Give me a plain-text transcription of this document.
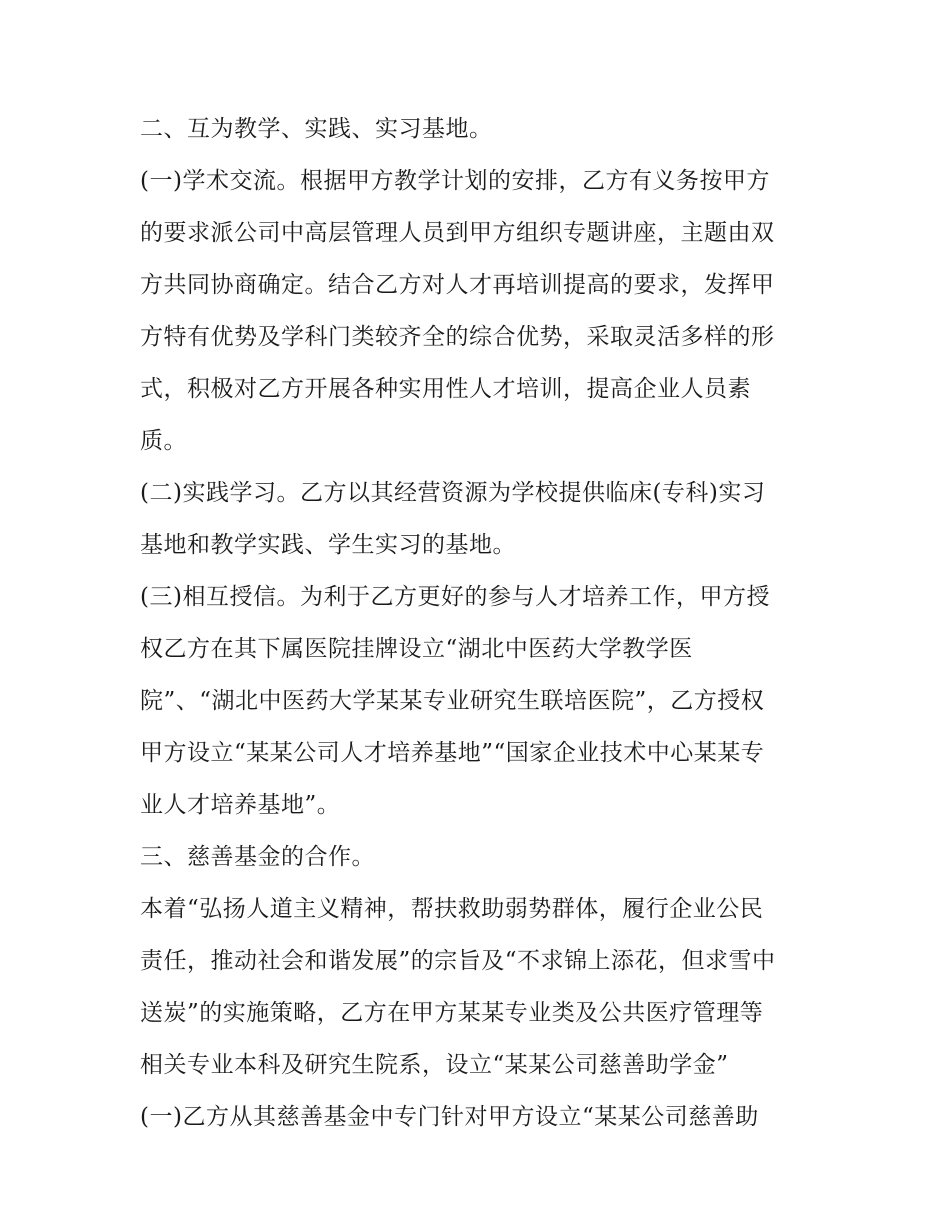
二、互为教学、实践、实习基地。
(一)学术交流。根据甲方教学计划的安排，乙方有义务按甲方
的要求派公司中高层管理人员到甲方组织专题讲座，主题由双
方共同协商确定。结合乙方对人才再培训提高的要求，发挥甲
方特有优势及学科门类较齐全的综合优势，采取灵活多样的形
式，积极对乙方开展各种实用性人才培训，提高企业人员素
质。
(二)实践学习。乙方以其经营资源为学校提供临床(专科)实习
基地和教学实践、学生实习的基地。
(三)相互授信。为利于乙方更好的参与人才培养工作，甲方授
权乙方在其下属医院挂牌设立“湖北中医药大学教学医
院”、“湖北中医药大学某某专业研究生联培医院”，乙方授权
甲方设立“某某公司人才培养基地”“国家企业技术中心某某专
业人才培养基地”。
三、慈善基金的合作。
本着“弘扬人道主义精神，帮扶救助弱势群体，履行企业公民
责任，推动社会和谐发展”的宗旨及“不求锦上添花，但求雪中
送炭”的实施策略，乙方在甲方某某专业类及公共医疗管理等
相关专业本科及研究生院系，设立“某某公司慈善助学金”
(一)乙方从其慈善基金中专门针对甲方设立“某某公司慈善助
